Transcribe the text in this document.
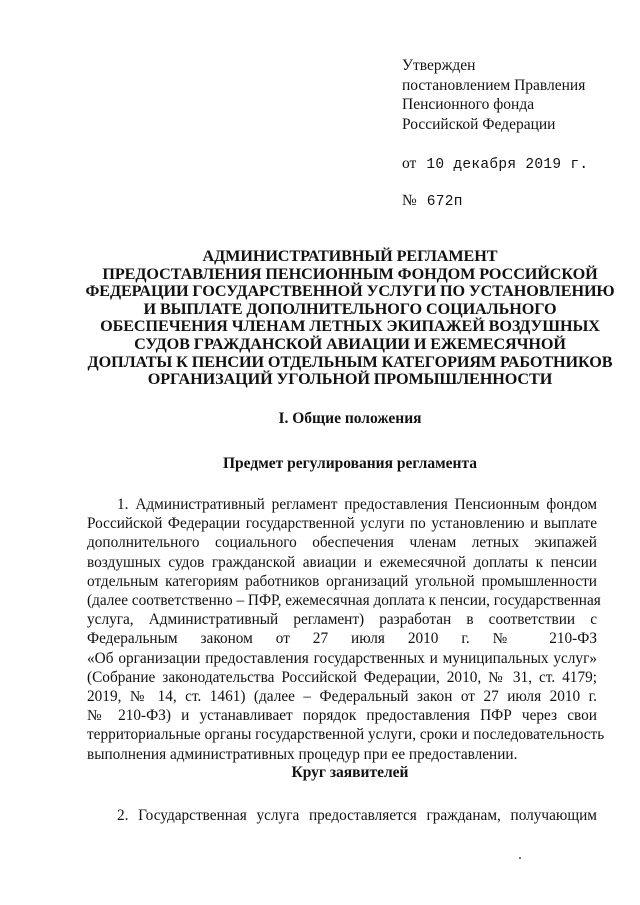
Утвержден
постановлением Правления
Пенсионного фонда
Российской Федерации
от 10 декабря 2019 г.
№ 672п
АДМИНИСТРАТИВНЫЙ РЕГЛАМЕНТ
ПРЕДОСТАВЛЕНИЯ ПЕНСИОННЫМ ФОНДОМ РОССИЙСКОЙ
ФЕДЕРАЦИИ ГОСУДАРСТВЕННОЙ УСЛУГИ ПО УСТАНОВЛЕНИЮ
И ВЫПЛАТЕ ДОПОЛНИТЕЛЬНОГО СОЦИАЛЬНОГО
ОБЕСПЕЧЕНИЯ ЧЛЕНАМ ЛЕТНЫХ ЭКИПАЖЕЙ ВОЗДУШНЫХ
СУДОВ ГРАЖДАНСКОЙ АВИАЦИИ И ЕЖЕМЕСЯЧНОЙ
ДОПЛАТЫ К ПЕНСИИ ОТДЕЛЬНЫМ КАТЕГОРИЯМ РАБОТНИКОВ
ОРГАНИЗАЦИЙ УГОЛЬНОЙ ПРОМЫШЛЕННОСТИ
I. Общие положения
Предмет регулирования регламента
1. Административный регламент предоставления Пенсионным фондом
Российской Федерации государственной услуги по установлению и выплате
дополнительного социального обеспечения членам летных экипажей
воздушных судов гражданской авиации и ежемесячной доплаты к пенсии
отдельным категориям работников организаций угольной промышленности
(далее соответственно – ПФР, ежемесячная доплата к пенсии, государственная
услуга, Административный регламент) разработан в соответствии с
Федеральным законом от 27 июля 2010 г. № 210-ФЗ
«Об организации предоставления государственных и муниципальных услуг»
(Собрание законодательства Российской Федерации, 2010, № 31, ст. 4179;
2019, № 14, ст. 1461) (далее – Федеральный закон от 27 июля 2010 г.
№ 210-ФЗ) и устанавливает порядок предоставления ПФР через свои
территориальные органы государственной услуги, сроки и последовательность
выполнения административных процедур при ее предоставлении.
Круг заявителей
2. Государственная услуга предоставляется гражданам, получающим
